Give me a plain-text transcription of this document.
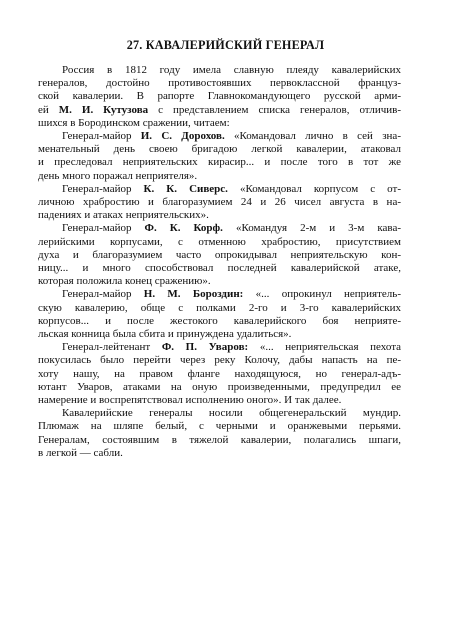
27. КАВАЛЕРИЙСКИЙ ГЕНЕРАЛ
Россия в 1812 году имела славную плеяду кавалерийских
генералов, достойно противостоявших первоклассной француз-
ской кавалерии. В рапорте Главнокомандующего русской арми-
ей М. И. Кутузова с представлением списка генералов, отличив-
шихся в Бородинском сражении, читаем:
Генерал-майор И. С. Дорохов. «Командовал лично в сей зна-
менательный день своею бригадою легкой кавалерии, атаковал
и преследовал неприятельских кирасир... и после того в тот же
день много поражал неприятеля».
Генерал-майор К. К. Сиверс. «Командовал корпусом с от-
личною храбростию и благоразумием 24 и 26 чисел августа в на-
падениях и атаках неприятельских».
Генерал-майор Ф. К. Корф. «Командуя 2-м и 3-м кава-
лерийскими корпусами, с отменною храбростию, присутствием
духа и благоразумием часто опрокидывал неприятельскую кон-
ницу... и много способствовал последней кавалерийской атаке,
которая положила конец сражению».
Генерал-майор Н. М. Бороздин: «... опрокинул неприятель-
скую кавалерию, обще с полками 2-го и 3-го кавалерийских
корпусов... и после жестокого кавалерийского боя неприяте-
льская конница была сбита и принуждена удалиться».
Генерал-лейтенант Ф. П. Уваров: «... неприятельская пехота
покусилась было перейти через реку Колочу, дабы напасть на пе-
хоту нашу, на правом фланге находящуюся, но генерал-адъ-
ютант Уваров, атаками на оную произведенными, предупредил ее
намерение и воспрепятствовал исполнению оного». И так далее.
Кавалерийские генералы носили общегенеральский мундир.
Плюмаж на шляпе белый, с черными и оранжевыми перьями.
Генералам, состоявшим в тяжелой кавалерии, полагались шпаги,
в легкой — сабли.
